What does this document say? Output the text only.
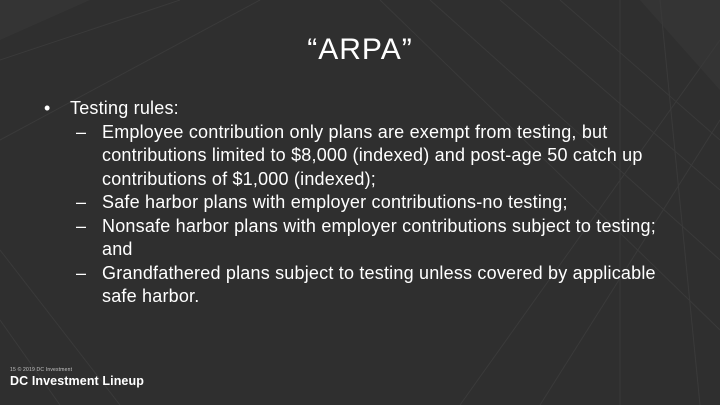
“ARPA”
•	Testing rules:
– Employee contribution only plans are exempt from testing, but contributions limited to $8,000 (indexed) and post-age 50 catch up contributions of $1,000 (indexed);
– Safe harbor plans with employer contributions-no testing;
– Nonsafe harbor plans with employer contributions subject to testing; and
– Grandfathered plans subject to testing unless covered by applicable safe harbor.
15 © 2019 DC Investment
DC Investment Lineup
